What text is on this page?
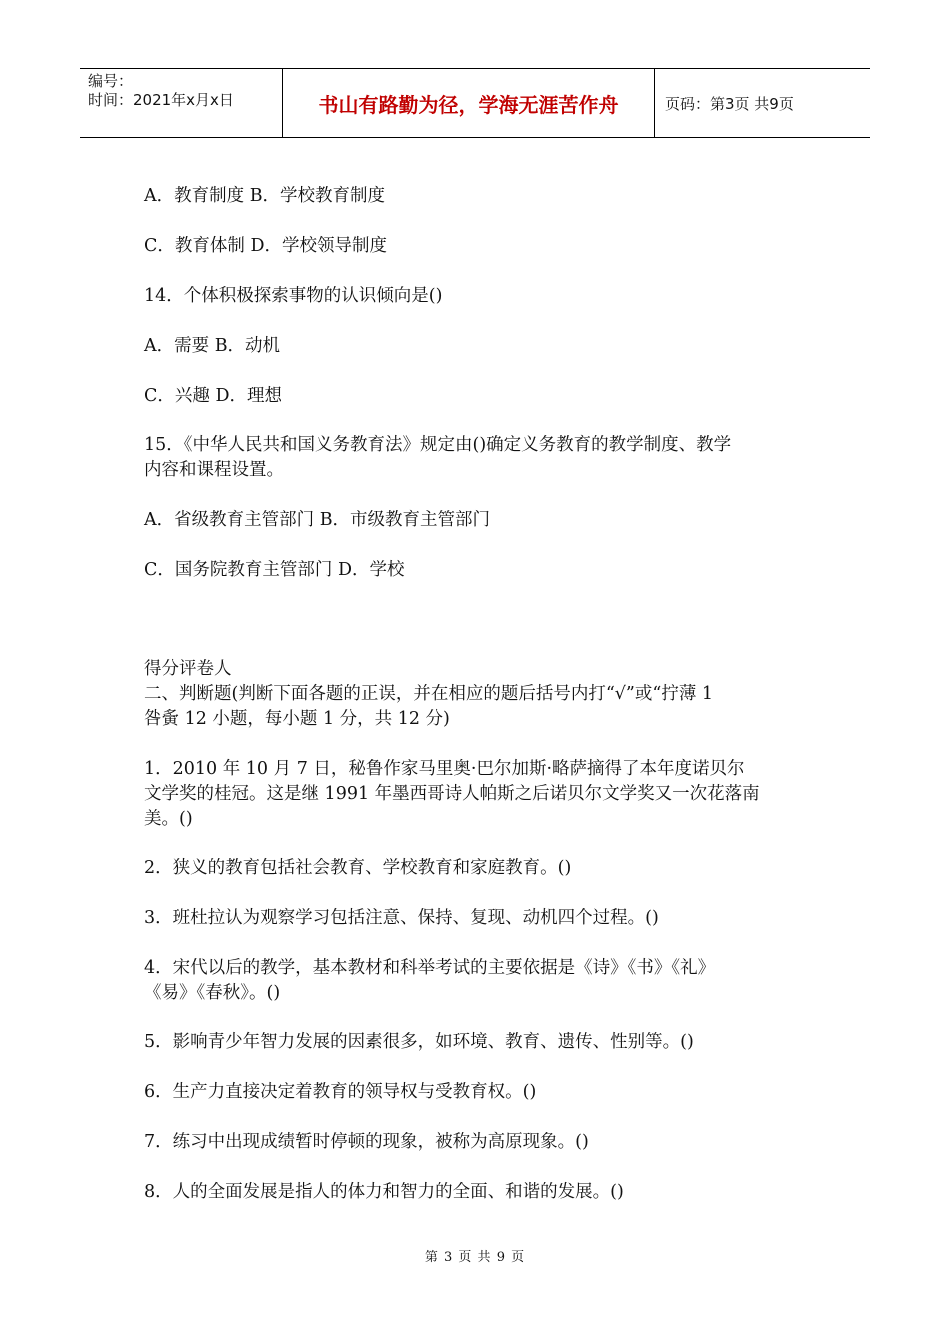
编号：
时间：2021年x月x日	书山有路勤为径，学海无涯苦作舟	页码：第3页 共9页
A．教育制度 B．学校教育制度
C．教育体制 D．学校领导制度
14．个体积极探索事物的认识倾向是()
A．需要 B．动机
C．兴趣 D．理想
15．《中华人民共和国义务教育法》规定由()确定义务教育的教学制度、教学
内容和课程设置。
A．省级教育主管部门 B．市级教育主管部门
C．国务院教育主管部门 D．学校
得分评卷人
二、判断题(判断下面各题的正误，并在相应的题后括号内打“√”或“拧薄 1
咎夤 12 小题，每小题 1 分，共 12 分)
1．2010 年 10 月 7 日，秘鲁作家马里奥·巴尔加斯·略萨摘得了本年度诺贝尔
文学奖的桂冠。这是继 1991 年墨西哥诗人帕斯之后诺贝尔文学奖又一次花落南
美。()
2．狭义的教育包括社会教育、学校教育和家庭教育。()
3．班杜拉认为观察学习包括注意、保持、复现、动机四个过程。()
4．宋代以后的教学，基本教材和科举考试的主要依据是《诗》《书》《礼》
《易》《春秋》。()
5．影响青少年智力发展的因素很多，如环境、教育、遗传、性别等。()
6．生产力直接决定着教育的领导权与受教育权。()
7．练习中出现成绩暂时停顿的现象，被称为高原现象。()
8．人的全面发展是指人的体力和智力的全面、和谐的发展。()
第 3 页 共 9 页
